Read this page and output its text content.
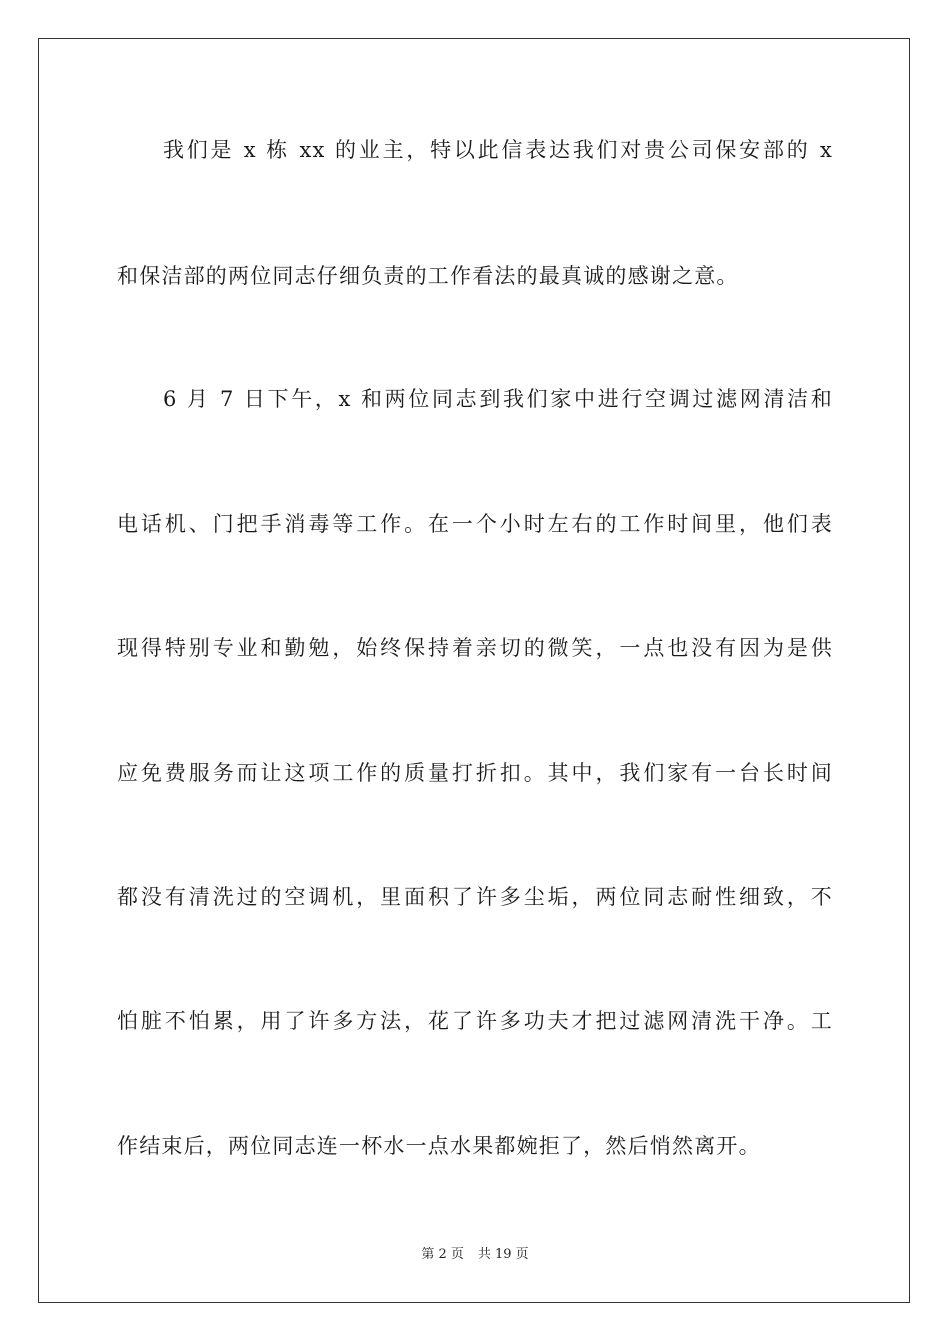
我们是 x 栋 xx 的业主，特以此信表达我们对贵公司保安部的 x
和保洁部的两位同志仔细负责的工作看法的最真诚的感谢之意。
6 月 7 日下午，x 和两位同志到我们家中进行空调过滤网清洁和
电话机、门把手消毒等工作。在一个小时左右的工作时间里，他们表
现得特别专业和勤勉，始终保持着亲切的微笑，一点也没有因为是供
应免费服务而让这项工作的质量打折扣。其中，我们家有一台长时间
都没有清洗过的空调机，里面积了许多尘垢，两位同志耐性细致，不
怕脏不怕累，用了许多方法，花了许多功夫才把过滤网清洗干净。工
作结束后，两位同志连一杯水一点水果都婉拒了，然后悄然离开。
第 2 页 共 19 页
